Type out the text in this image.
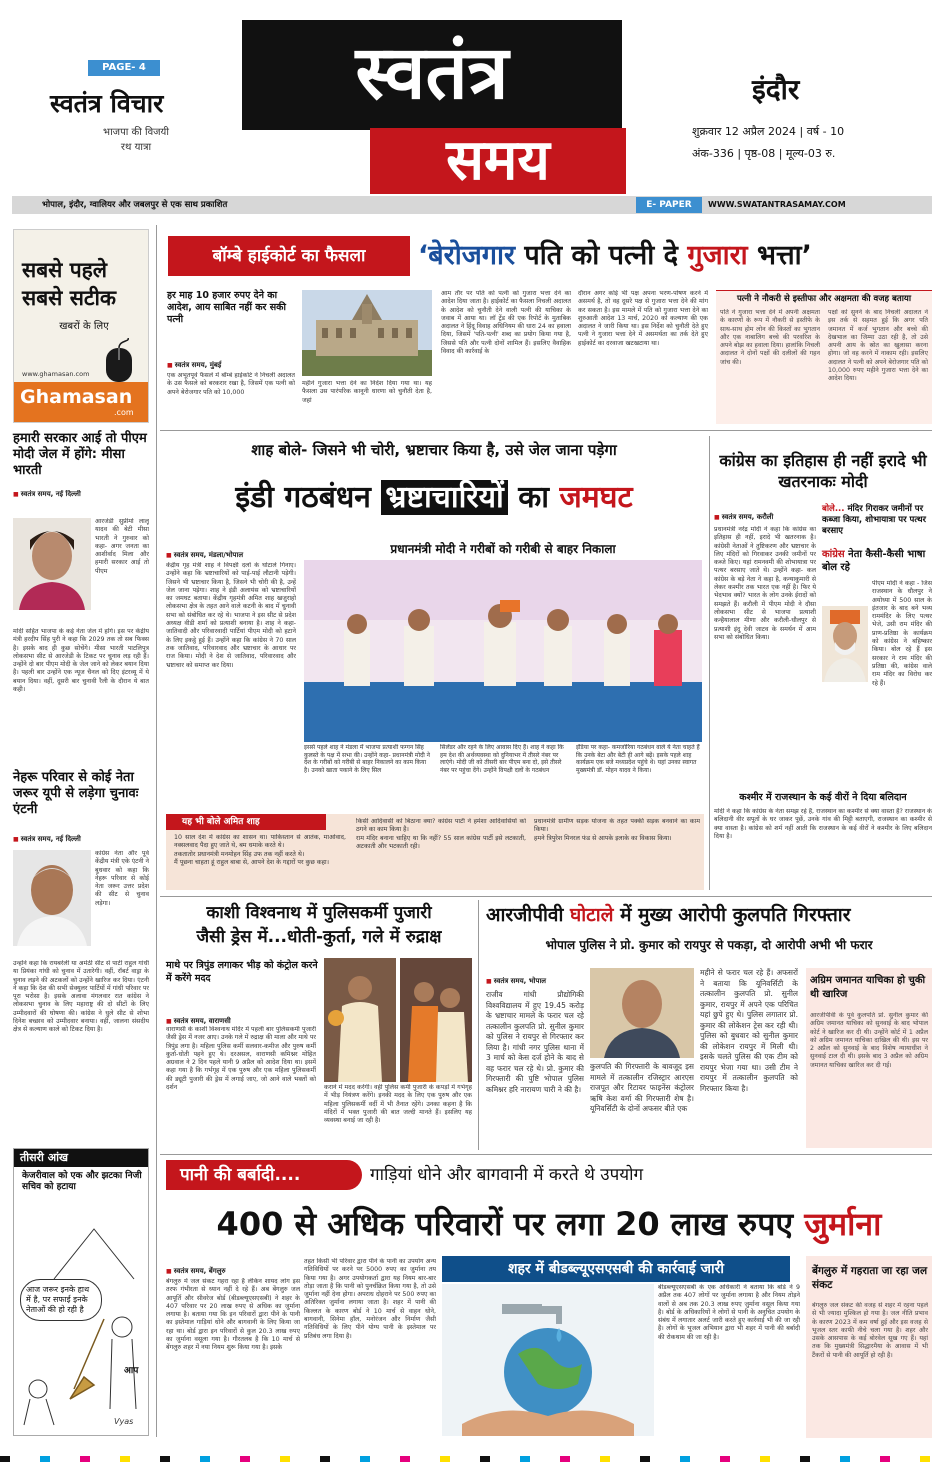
PAGE- 4
स्वतंत्र विचार
भाजपा की विजयी
रथ यात्रा
स्वतंत्र
समय
इंदौर
शुक्रवार 12 अप्रैल 2024 | वर्ष - 10
अंक-336 | पृष्ठ-08 | मूल्य-03 रु.
भोपाल, इंदौर, ग्वालियर और जबलपुर से एक साथ प्रकाशित	E- PAPER	WWW.SWATANTRASAMAY.COM
सबसे पहले
सबसे सटीक
खबरों के लिए
www.ghamasan.com
Ghamasan
.com
हमारी सरकार आई तो पीएम मोदी जेल में होंगे: मीसा भारती
■ स्वतंत्र समय, नई दिल्ली
आरजेडी सुप्रीमो लालू यादव की बेटी मीसा भारती ने गुरुवार को कहा- अगर जनता का आशीर्वाद मिला और हमारी सरकार आई तो पीएम
मोदी सहित भाजपा के कई नेता जेल में होंगे। इस पर केंद्रीय मंत्री हरदीप सिंह पुरी ने कहा कि 2029 तक तो सब फिक्स है। इसके बाद ही कुछ सोचेंगे। मीसा भारती पाटलिपुत्र लोकसभा सीट से आरजेडी के टिकट पर चुनाव लड़ रही हैं। उन्होंने दो बार पीएम मोदी के जेल जाने को लेकर बयान दिया है। पहली बार उन्होंने एक न्यूज चैनल को दिए इंटरव्यू में ये बयान दिया। वहीं, दूसरी बार चुनावी रैली के दौरान ये बात कही।
नेहरू परिवार से कोई नेता जरूर यूपी से लड़ेगा चुनावः एंटनी
■ स्वतंत्र समय, नई दिल्ली
कांग्रेस नेता और पूर्व केंद्रीय मंत्री एके एंटनी ने बुधवार को कहा कि नेहरू परिवार से कोई नेता जरूर उत्तर प्रदेश की सीट से चुनाव लड़ेगा।
उन्होंने कहा कि रायबरेली या अमेठी सीट से पार्टी राहुल गांधी या प्रियंका गांधी को चुनाव में उतारेगी। वहीं, रॉबर्ट वाड्रा के चुनाव लड़ने की अटकलों को उन्होंने खारिज कर दिया। एंटनी ने कहा कि देश की सभी सेक्युलर पार्टियों में गांधी परिवार पर पूरा भरोसा है। इसके अलावा मंगलवार रात कांग्रेस ने लोकसभा चुनाव के लिए महाराष्ट्र की दो सीटों के लिए उम्मीदवारों की घोषणा की। कांग्रेस ने धुले सीट से शोभा दिनेश बच्छाव को उम्मीदवार बनाया। वहीं, जालना संसदीय क्षेत्र से कल्याण काले को टिकट दिया है।
तीसरी आंख
केजरीवाल को एक और झटका निजी सचिव को हटाया
आज जरूर इनके हाथ में है, पर सफाई इनके नेताओं की हो रही है
आप
Vyas
बॉम्बे हाईकोर्ट का फैसला	‘बेरोजगार पति को पत्नी दे गुजारा भत्ता’
हर माह 10 हजार रुपए देने का आदेश, आय साबित नहीं कर सकी पत्नी
■ स्वतंत्र समय, मुंबई
एक अभूतपूर्व फैसले में बॉम्बे हाईकोर्ट ने निचली अदालत के उस फैसले को बरकरार रखा है, जिसमें एक पत्नी को अपने बेरोजगार पति को 10,000
महीने गुजारा भत्ता देने का निर्देश दिया गया था। यह फैसला उस पारंपरिक कानूनी धारणा को चुनौती देता है, जहां
आम तौर पर पति को पत्नी को गुजारा भत्ता देने का आदेश दिया जाता है। हाईकोर्ट का फैसला निचली अदालत के आदेश को चुनौती देने वाली पत्नी की याचिका के जवाब में आया था। लॉ ट्रेंड की एक रिपोर्ट के मुताबिक अदालत ने हिंदू विवाह अधिनियम की धारा 24 का हवाला दिया, जिसमें 'पति-पत्नी' शब्द का प्रयोग किया गया है, जिससे पति और पत्नी दोनों शामिल हैं। इसलिए वैवाहिक विवाद की कार्रवाई के
दौरान अगर कोई भी पक्ष अपना भरण-पोषण करने में असमर्थ है, तो वह दूसरे पक्ष से गुजारा भत्ता देने की मांग कर सकता है। इस मामले में पति को गुजारा भत्ता देने का शुरुआती आदेश 13 मार्च, 2020 को कल्याण की एक अदालत ने जारी किया था। इस निर्देश को चुनौती देते हुए पत्नी ने गुजारा भत्ता देने में असमर्थता का तर्क देते हुए हाईकोर्ट का दरवाजा खटखटाया था।
पत्नी ने नौकरी से इस्तीफा और अक्षमता की वजह बताया
पति ने गुजारा भत्ता देने में अपनी अक्षमता के कारणों के रूप में नौकरी से इस्तीफे के साथ-साथ होम लोन की किस्तों का भुगतान और एक नाबालिग बच्चे की परवरिश के अपने बोझ का हवाला दिया। हालांकि निचली अदालत ने दोनों पक्षों की दलीलों की गहन जांच की।
पक्षों को सुनने के बाद निचली अदालत ने इस तर्क से सहमत हुई कि अगर पति जमानत में कर्ज भुगतान और बच्चे की देखभाल का जिम्मा उठा रही है, तो उसे अपनी आय के स्रोत का खुलासा करना होगा। जो वह करने में नाकाम रही। इसलिए अदालत ने पत्नी को अपने बेरोजगार पति को 10,000 रुपए महीने गुजारा भत्ता देने का आदेश दिया।
शाह बोले- जिसने भी चोरी, भ्रष्टाचार किया है, उसे जेल जाना पड़ेगा
इंडी गठबंधन भ्रष्टाचारियों का जमघट
■ स्वतंत्र समय, मंडला/भोपाल
केंद्रीय गृह मंत्री शाह ने विपक्षी दलों के घोटाले गिनाए। उन्होंने कहा कि भ्रष्टाचारियों को पाई-पाई लौटानी पड़ेगी। जिसने भी भ्रष्टाचार किया है, जिसने भी चोरी की है, उन्हें जेल जाना पड़ेगा। शाह ने इंडी अलायंस को भ्रष्टाचारियों का जमघट बताया। केंद्रीय गृहमंत्री अमित शाह खजुराहो लोकसभा क्षेत्र के तहत आने वाले कटनी के बाद में चुनावी सभा को संबोधित कर रहे थे। भाजपा ने इस सीट से प्रदेश अध्यक्ष वीडी शर्मा को प्रत्याशी बनाया है। शाह ने कहा- जातिवादी और परिवारवादी पार्टियां पीएम मोदी को हटाने के लिए इकट्ठे हुई हैं। उन्होंने कहा कि कांग्रेस ने 70 साल तक जातिवाद, परिवारवाद और भ्रष्टाचार के आधार पर राज किया। मोदी ने देश से जातिवाद, परिवारवाद और भ्रष्टाचार को समाप्त कर दिया।
प्रधानमंत्री मोदी ने गरीबों को गरीबी से बाहर निकाला
इससे पहले शाह ने मंडला में भाजपा प्रत्याशी फग्गन सिंह कुलस्ते के पक्ष में सभा की। उन्होंने कहा- प्रधानमंत्री मोदी ने देश के गरीबों को गरीबी से बाहर निकालने का काम किया है। उनको खाता पकाने के लिए सिल
सिलेंडर और रहने के लिए आवास दिए हैं। शाह ने कहा कि हम देश की अर्थव्यवस्था को दुनियाभर में तीसरे नंबर पर लाएंगे। मोदी जी को तीसरी बार पीएम बना दो, इसे तीसरे नंबर पर पहुंचा देंगे। उन्होंने विपक्षी दलों के गठबंधन
इंडिया पर कहा- कमजोरिया गठबंधन वाले ये नेता चाहते हैं कि उनके बेटा और बेटी ही आगे बढ़ें। इसके पहले शाह कार्यक्रम एक बजे मध्यप्रदेश पहुंचे थे। यहां उनका स्वागत मुख्यमंत्री डॉ. मोहन यादव ने किया।
यह भी बोले अमित शाह
10 साल देश में कांग्रेस का शासन था। पाकिस्तान से आतंक, माओवाद, नक्सलवाद पैदा हुए जाते थे, बम धमाके करते थे।
तकतातोर प्रधानमंत्री मनमोहन सिंह उफ तक नहीं करते थे।
मैं पूछना चाहता हूं राहुल बाबा से, आपने देश के गद्दारों पर कुछ कहा।
किसी आदिवासी को बिठाना क्या? कांग्रेस पार्टी ने हमेशा आदिवासियों को ठगने का काम किया है।
राम मंदिर बनाना चाहिए था कि नहीं? 55 साल कांग्रेस पार्टी इसे लटकाती, अटकाती और भटकाती रही।
प्रधानमंत्री ग्रामीण सड़क योजना के तहत पक्की सड़क बनवाने का काम किया।
हमने त्रिपुरेश मिनरल फंड से आपके इलाके का विकास किया।
कांग्रेस का इतिहास ही नहीं इरादे भी खतरनाकः मोदी
■ स्वतंत्र समय, करौली
प्रधानमंत्री नरेंद्र मोदी ने कहा कि कांग्रेस का इतिहास ही नहीं, इरादे भी खतरनाक है। कांग्रेसी नेताओं ने तुष्टिकरण और भ्रष्टाचार के लिए मंदिरों को गिरवाकर उनकी जमीनों पर कब्जे किए। यहां रामनवमी की शोभायात्रा पर पत्थर बरसाए जाते थे। उन्होंने कहा- कल कांग्रेस के बड़े नेता ने कहा है, कन्याकुमारी से लेकर कश्मीर तक भारत एक नहीं है। फिर ये भेदभाव क्यों? भारत के लोग उनके ईरादों को समझते हैं। करौली में पीएम मोदी ने दौसा लोकसभा सीट से भाजपा प्रत्याशी कन्हैयालाल मीणा और करौली-धौलपुर से प्रत्याशी इंदु देवी जाटव के समर्थन में आम सभा को संबोधित किया।
बोले... मंदिर गिराकर जमीनों पर कब्जा किया, शोभायात्रा पर पत्थर बरसाए
कांग्रेस नेता कैसी-कैसी भाषा बोल रहे
पीएम मोदी ने कहा - जिस राजस्थान के धौलपुर ने अयोध्या में 500 साल के इंतजार के बाद बने भव्य राममंदिर के लिए पत्थर भेजे, उसी राम मंदिर की प्राण-प्रतिष्ठा के कार्यक्रम को कांग्रेस ने बहिष्कार किया। बोल रहे हैं इस सरकार ने राम मंदिर की प्रतिष्ठा की, कांग्रेस वाले राम मंदिर का विरोध कर रहे हैं।
कश्मीर में राजस्थान के कई वीरों ने दिया बलिदान
मोदी ने कहा कि कांग्रेस के नेता समझ रहे हैं, राजस्थान का कश्मीर से क्या वास्ता है? राजस्थान के बलिदानी वीर सपूतों के घर जाकर पूछें, उनके गांव की मिट्टी बताएगी, राजस्थान का कश्मीर से क्या वास्ता है। कांग्रेस को शर्म नहीं आती कि राजस्थान के कई वीरों ने कश्मीर के लिए बलिदान दिया है।
काशी विश्वनाथ में पुलिसकर्मी पुजारी
जैसी ड्रेस में...धोती-कुर्ता, गले में रुद्राक्ष
माथे पर त्रिपुंड लगाकर भीड़ को कंट्रोल करने में करेंगे मदद
■ स्वतंत्र समय, वाराणसी
वाराणसी के काशी विश्वनाथ मंदिर में पहली बार पुलिसकर्मी पुजारी जैसी ड्रेस में नजर आए। उनके गले में रुद्राक्ष की माला और माथे पर त्रिपुंड लगा है। महिला पुलिस कर्मी सलवार-कमीज और पुरुष कर्मी कुर्ता-धोती पहने हुए थे। दरअसल, वाराणसी कमिश्नर मोहित अग्रवाल ने 2 दिन पहले यानी 9 अप्रैल को आदेश दिया था। इसमें कहा गया है कि गर्भगृह में एक पुरुष और एक महिला पुलिसकर्मी की ड्यूटी पुजारी की ड्रेस में लगाई जाए, जो आने वाले भक्तों को दर्शन	कराने में मदद करेंगी। वहीं पुलिस कर्मी पुजारी के कपड़ों में गर्भगृह में भीड़ नियंत्रण करेंगे। इनकी मदद के लिए एक पुरुष और एक महिला पुलिसकर्मी वर्दी में भी तैनात रहेंगे। उनका कहना है कि मंदिरों में भक्त पुजारी की बात जल्दी मानते हैं। इसलिए यह व्यवस्था बनाई जा रही है।
आरजीपीवी घोटाले में मुख्य आरोपी कुलपति गिरफ्तार
भोपाल पुलिस ने प्रो. कुमार को रायपुर से पकड़ा, दो आरोपी अभी भी फरार
■ स्वतंत्र समय, भोपाल
राजीव गांधी प्रौद्योगिकी विश्वविद्यालय में हुए 19.45 करोड़ के भ्रष्टाचार मामले के फरार चल रहे तत्कालीन कुलपति प्रो. सुनील कुमार को पुलिस ने रायपुर से गिरफ्तार कर लिया है। गांधी नगर पुलिस थाना में 3 मार्च को केस दर्ज होने के बाद से वह फरार चल रहे थे। प्रो. कुमार की गिरफ्तारी की पुष्टि भोपाल पुलिस कमिश्नर हरि नारायण चारी ने की है।
कुलपति की गिरफ्तारी के बावजूद इस मामले में तत्कालीन रजिस्ट्रार आरएस राजपूत और रिटायर फाइनेंस कंट्रोलर ऋषि केश वर्मा की गिरफ्तारी शेष है। यूनिवर्सिटी के दोनों अफसर बीते एक
महीने से फरार चल रहे हैं। अफसरों ने बताया कि यूनिवर्सिटी के तत्कालीन कुलपति प्रो. सुनील कुमार, रायपुर में अपने एक परिचित यहां छुपे हुए थे। पुलिस लगातार प्रो. कुमार की लोकेशन ट्रेस कर रही थी। पुलिस को बुधवार को सुनील कुमार की लोकेशन रायपुर में मिली थी। इसके चलते पुलिस की एक टीम को रायपुर भेजा गया था। उसी टीम ने रायपुर में तत्कालीन कुलपति को गिरफ्तार किया है।
अग्रिम जमानत याचिका हो चुकी थी खारिज
आरजीपीवी के पूर्व कुलपति प्रो. सुनील कुमार की अग्रिम जमानत याचिका को सुनवाई के बाद भोपाल कोर्ट ने खारिज कर दी थी। उन्होंने कोर्ट में 1 अप्रैल को अग्रिम जमानत याचिका दाखिल की थी। इस पर 2 अप्रैल को सुनवाई के बाद विशेष न्यायाधीश ने सुनवाई टाल दी थी। इसके बाद 3 अप्रैल को अग्रिम जमानत याचिका खारिज कर दी गई।
पानी की बर्बादी....	गाड़ियां धोने और बागवानी में करते थे उपयोग
400 से अधिक परिवारों पर लगा 20 लाख रुपए जुर्माना
■ स्वतंत्र समय, बेंगलुरु
बेंगलुरु में जल संकट गहरा रहा है लेकिन शायद लोग इस तरफ गंभीरता से ध्यान नहीं दे रहे हैं। अब बेंगलुरु जल आपूर्ति और सीवरेज बोर्ड (बीडब्ल्यूएसएसबी) ने शहर के 407 परिवार पर 20 लाख रुपए से अधिक का जुर्माना लगाया है। बताया गया कि इन परिवारों द्वारा पीने के पानी का इस्तेमाल गाड़ियां धोने और बागवानी के लिए किया जा रहा था। बोर्ड द्वारा इन परिवारों से कुल 20.3 लाख रुपए का जुर्माना वसूला गया है। गौरतलब है कि 10 मार्च से बेंगलुरु शहर में नया नियम शुरू किया गया है। इसके
तहत किसी भी परिवार द्वारा पीने के पानी का उपयोग अन्य गतिविधियों पर करने पर 5000 रुपए का जुर्माना तय किया गया है। अगर उपयोगकर्ता द्वारा यह नियम बार-बार तोड़ा जाता है कि पानी को पुनर्चक्रित किया गया है, तो उसे जुर्माना नहीं देना होगा। अपराध दोहराने पर 500 रुपए का अतिरिक्त जुर्माना लगाया जाता है। शहर में पानी की किल्लत के कारण बोर्ड ने 10 मार्च से वाहन धोने, बागवानी, सिनेमा हॉल, मनोरंजन और निर्माण जैसी गतिविधियों के लिए पीने योग्य पानी के इस्तेमाल पर प्रतिबंध लगा दिया है।
शहर में बीडब्ल्यूएसएसबी की कार्रवाई जारी
बीडब्ल्यूएसएसबी के एक अधिकारी ने बताया कि बोर्ड ने 9 अप्रैल तक 407 लोगों पर जुर्माना लगाया है और नियम तोड़ने वालों से अब तक 20.3 लाख रुपए जुर्माना वसूल किया गया है। बोर्ड के अधिकारियों ने लोगों से पानी के अनुचित उपयोग के संबंध में लगातार अलर्ट जारी करते हुए कार्रवाई भी की जा रही है। लोगों के भूजल अभियान द्वारा भी शहर में पानी की बर्बादी की रोकथाम की जा रही है।
बेंगलुरु में गहराता जा रहा जल संकट
बेंगलुरु जल संकट की वजह से शहर में रहना पहले से भी ज्यादा मुश्किल हो गया है। जल नीति प्रभाव के कारण 2023 में कम वर्षा हुई और इस वजह से भूजल स्तर काफी नीचे चला गया है। शहर और उसके आसपास के कई बोरवेल सूख गए हैं। यहां तक कि मुख्यमंत्री सिद्धारमैया के आवास में भी टैंकरों से पानी की आपूर्ति हो रही है।
